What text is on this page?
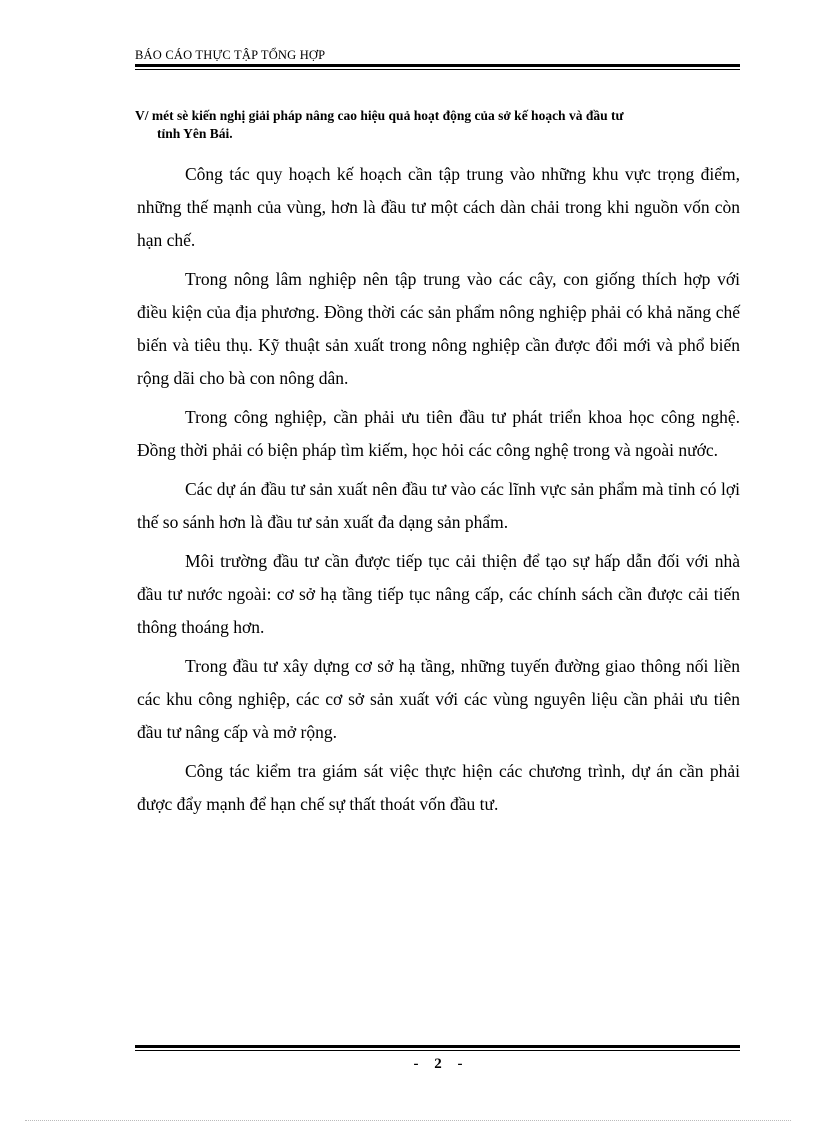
BÁO CÁO THỰC TẬP TỔNG HỢP
V/ mét sè kiến nghị giải pháp nâng cao hiệu quả hoạt động của sở kế hoạch và đầu tư
tỉnh Yên Bái.

Công tác quy hoạch kế hoạch cần tập trung vào những khu vực trọng điểm, những thế mạnh của vùng, hơn là đầu tư một cách dàn chải trong khi nguồn vốn còn hạn chế.

Trong nông lâm nghiệp nên tập trung vào các cây, con giống thích hợp với điều kiện của địa phương. Đồng thời các sản phẩm nông nghiệp phải có khả năng chế biến và tiêu thụ. Kỹ thuật sản xuất trong nông nghiệp cần được đổi mới và phổ biến rộng dãi cho bà con nông dân.

Trong công nghiệp, cần phải ưu tiên đầu tư phát triển khoa học công nghệ. Đồng thời phải có biện pháp tìm kiếm, học hỏi các công nghệ trong và ngoài nước.

Các dự án đầu tư sản xuất nên đầu tư vào các lĩnh vực sản phẩm mà tỉnh có lợi thế so sánh hơn là đầu tư sản xuất đa dạng sản phẩm.

Môi trường đầu tư cần được tiếp tục cải thiện để tạo sự hấp dẫn đối với nhà đầu tư nước ngoài: cơ sở hạ tầng tiếp tục nâng cấp, các chính sách cần được cải tiến thông thoáng hơn.

Trong đầu tư xây dựng cơ sở hạ tầng, những tuyến đường giao thông nối liền các khu công nghiệp, các cơ sở sản xuất với các vùng nguyên liệu cần phải ưu tiên đầu tư nâng cấp và mở rộng.

Công tác kiểm tra giám sát việc thực hiện các chương trình, dự án cần phải được đẩy mạnh để hạn chế sự thất thoát vốn đầu tư.

- 2 -
